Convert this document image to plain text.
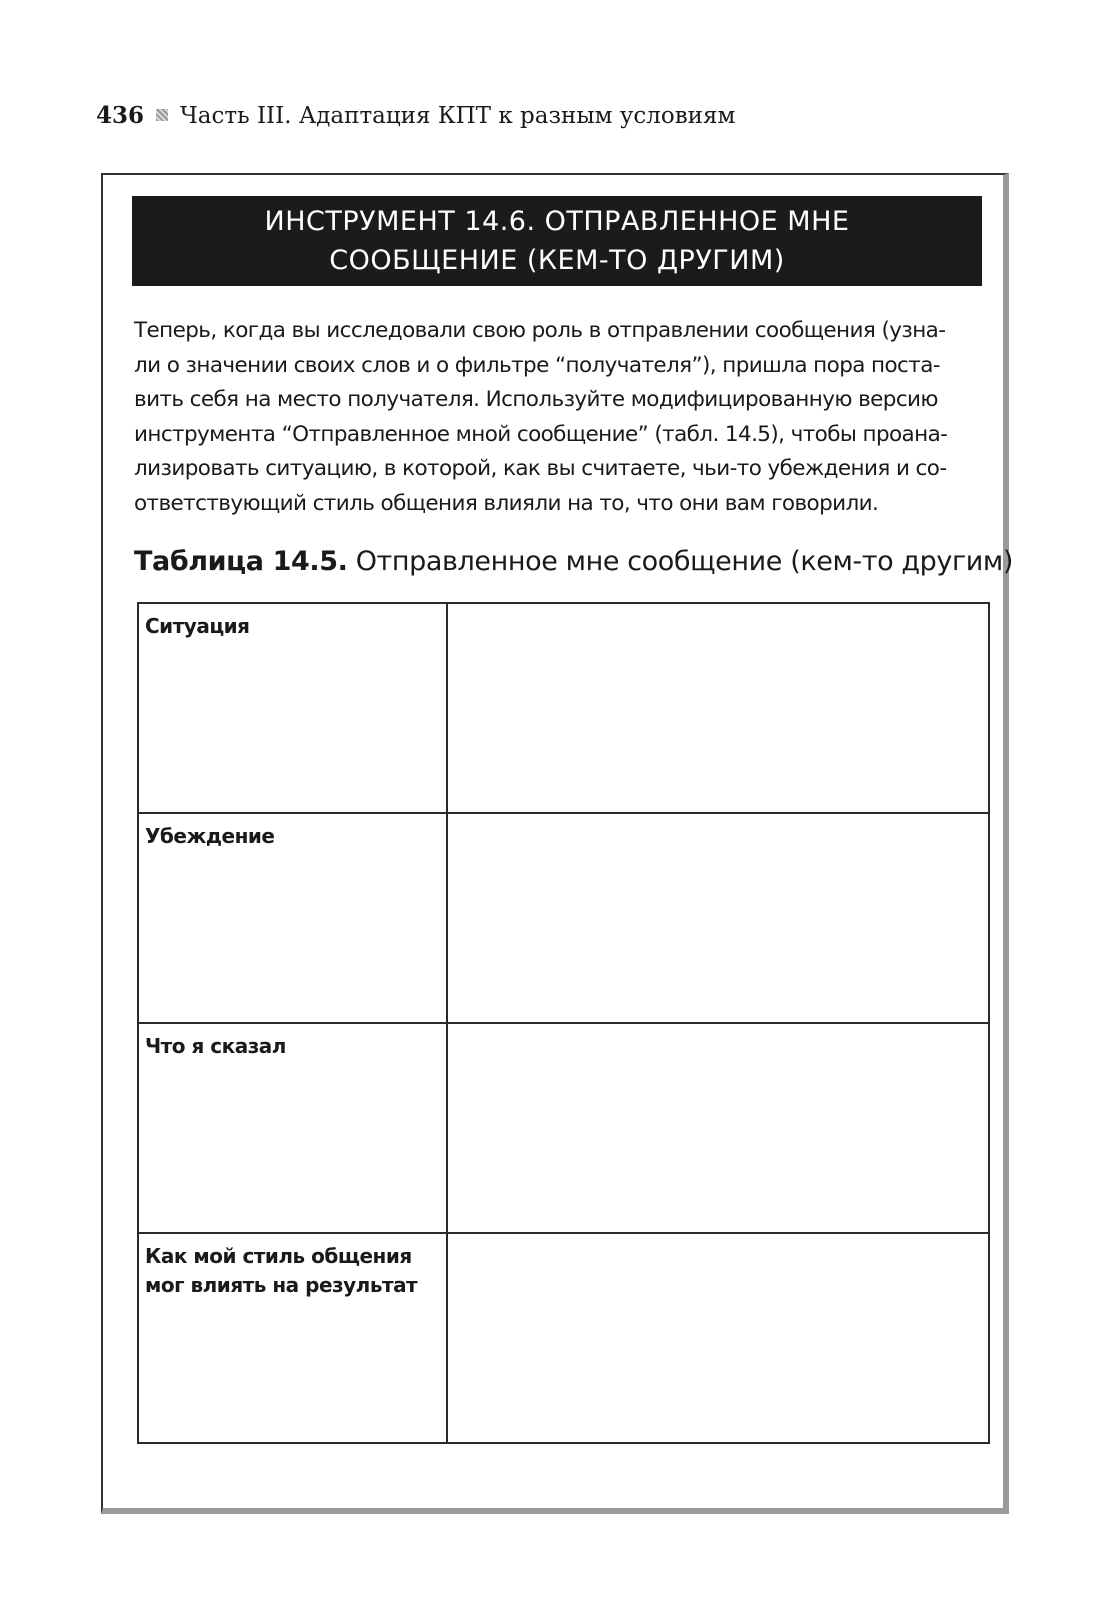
436 Часть III. Адаптация КПТ к разным условиям
ИНСТРУМЕНТ 14.6. ОТПРАВЛЕННОЕ МНЕ
СООБЩЕНИЕ (КЕМ-ТО ДРУГИМ)
Теперь, когда вы исследовали свою роль в отправлении сообщения (узна-
ли о значении своих слов и о фильтре “получателя”), пришла пора поста-
вить себя на место получателя. Используйте модифицированную версию
инструмента “Отправленное мной сообщение” (табл. 14.5), чтобы проана-
лизировать ситуацию, в которой, как вы считаете, чьи-то убеждения и со-
ответствующий стиль общения влияли на то, что они вам говорили.
Таблица 14.5. Отправленное мне сообщение (кем-то другим)
Ситуация	
Убеждение	
Что я сказал	
Как мой стиль общения
мог влиять на результат	
